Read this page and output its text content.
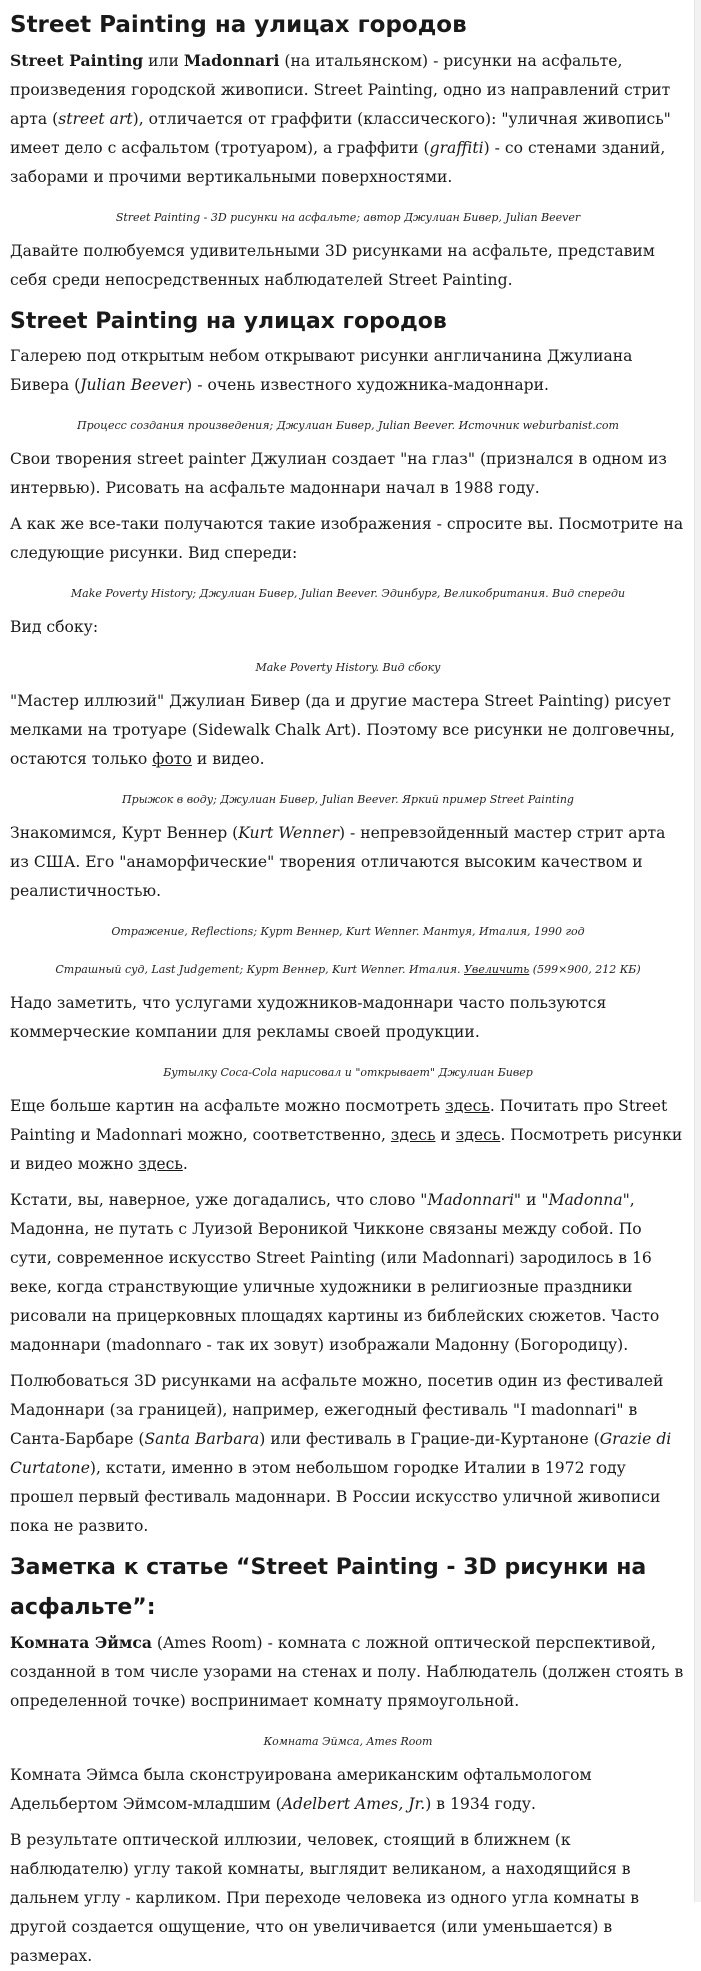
Street Painting на улицах городов

Street Painting или Madonnari (на итальянском) - рисунки на асфальте, произведения городской живописи. Street Painting, одно из направлений стрит арта (street art), отличается от граффити (классического): "уличная живопись" имеет дело с асфальтом (тротуаром), а граффити (graffiti) - со стенами зданий, заборами и прочими вертикальными поверхностями.

Street Painting - 3D рисунки на асфальте; автор Джулиан Бивер, Julian Beever

Давайте полюбуемся удивительными 3D рисунками на асфальте, представим себя среди непосредственных наблюдателей Street Painting.

Street Painting на улицах городов

Галерею под открытым небом открывают рисунки англичанина Джулиана Бивера (Julian Beever) - очень известного художника-мадоннари.

Процесс создания произведения; Джулиан Бивер, Julian Beever. Источник weburbanist.com

Свои творения street painter Джулиан создает "на глаз" (признался в одном из интервью). Рисовать на асфальте мадоннари начал в 1988 году.

А как же все-таки получаются такие изображения - спросите вы. Посмотрите на следующие рисунки. Вид спереди:

Make Poverty History; Джулиан Бивер, Julian Beever. Эдинбург, Великобритания. Вид спереди

Вид сбоку:

Make Poverty History. Вид сбоку

"Мастер иллюзий" Джулиан Бивер (да и другие мастера Street Painting) рисует мелками на тротуаре (Sidewalk Chalk Art). Поэтому все рисунки не долговечны, остаются только фото и видео.

Прыжок в воду; Джулиан Бивер, Julian Beever. Яркий пример Street Painting

Знакомимся, Курт Веннер (Kurt Wenner) - непревзойденный мастер стрит арта из США. Его "анаморфические" творения отличаются высоким качеством и реалистичностью.

Отражение, Reflections; Курт Веннер, Kurt Wenner. Мантуя, Италия, 1990 год

Страшный суд, Last Judgement; Курт Веннер, Kurt Wenner. Италия. Увеличить (599×900, 212 КБ)

Надо заметить, что услугами художников-мадоннари часто пользуются коммерческие компании для рекламы своей продукции.

Бутылку Coca-Cola нарисовал и "открывает" Джулиан Бивер

Еще больше картин на асфальте можно посмотреть здесь. Почитать про Street Painting и Madonnari можно, соответственно, здесь и здесь. Посмотреть рисунки и видео можно здесь.

Кстати, вы, наверное, уже догадались, что слово "Madonnari" и "Madonna", Мадонна, не путать с Луизой Вероникой Чикконе связаны между собой. По сути, современное искусство Street Painting (или Madonnari) зародилось в 16 веке, когда странствующие уличные художники в религиозные праздники рисовали на прицерковных площадях картины из библейских сюжетов. Часто мадоннари (madonnaro - так их зовут) изображали Мадонну (Богородицу).

Полюбоваться 3D рисунками на асфальте можно, посетив один из фестивалей Мадоннари (за границей), например, ежегодный фестиваль "I madonnari" в Санта-Барбаре (Santa Barbara) или фестиваль в Грацие-ди-Куртаноне (Grazie di Curtatone), кстати, именно в этом небольшом городке Италии в 1972 году прошел первый фестиваль мадоннари. В России искусство уличной живописи пока не развито.

Заметка к статье “Street Painting - 3D рисунки на асфальте”:

Комната Эймса (Ames Room) - комната с ложной оптической перспективой, созданной в том числе узорами на стенах и полу. Наблюдатель (должен стоять в определенной точке) воспринимает комнату прямоугольной.

Комната Эймса, Ames Room

Комната Эймса была сконструирована американским офтальмологом Адельбертом Эймсом-младшим (Adelbert Ames, Jr.) в 1934 году.

В результате оптической иллюзии, человек, стоящий в ближнем (к наблюдателю) углу такой комнаты, выглядит великаном, а находящийся в дальнем углу - карликом. При переходе человека из одного угла комнаты в другой создается ощущение, что он увеличивается (или уменьшается) в размерах.
